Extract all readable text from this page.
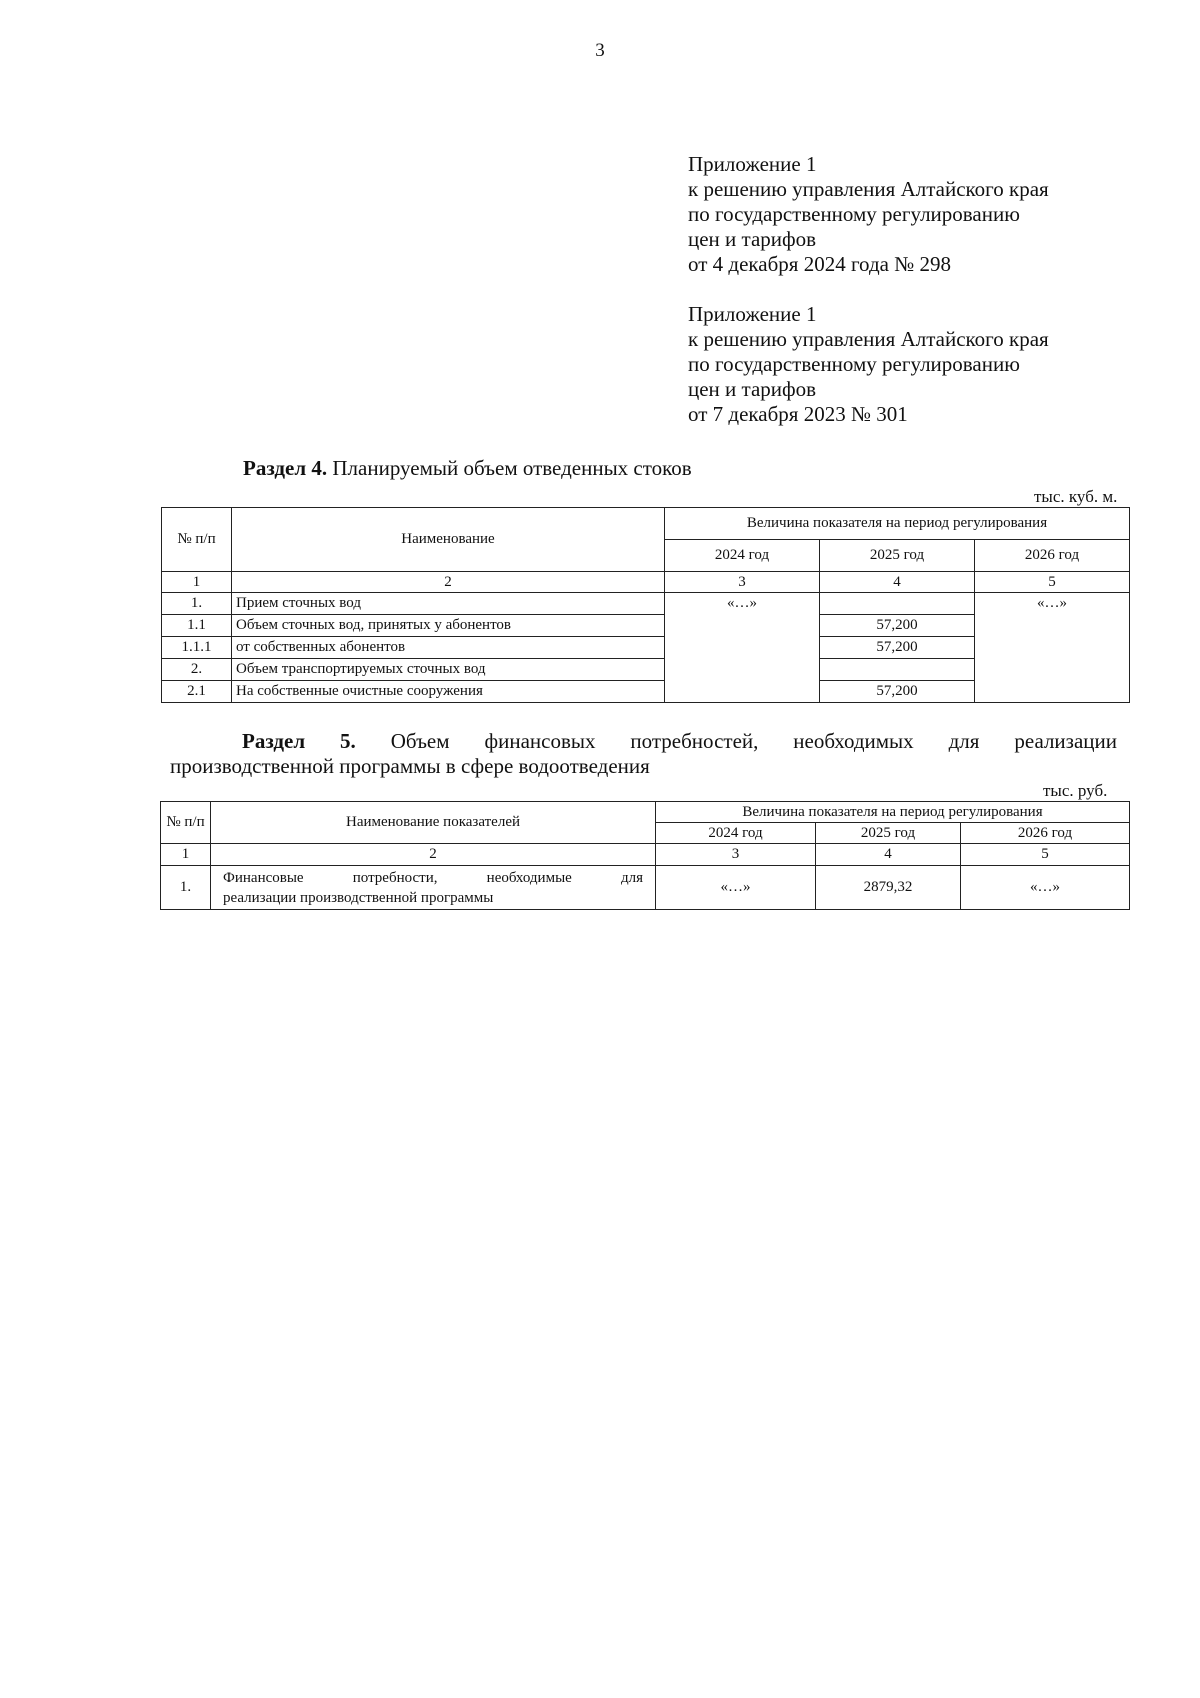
3
Приложение 1
к решению управления Алтайского края
по государственному регулированию
цен и тарифов
от 4 декабря 2024 года № 298
Приложение 1
к решению управления Алтайского края
по государственному регулированию
цен и тарифов
от 7 декабря 2023 № 301
Раздел 4. Планируемый объем отведенных стоков
тыс. куб. м.
№ п/п	Наименование	Величина показателя на период регулирования		
		2024 год	2025 год	2026 год
1	2	3	4	5
1.	Прием сточных вод	«…»		«…»
1.1	Объем сточных вод, принятых у абонентов		57,200	
1.1.1	от собственных абонентов		57,200	
2.	Объем транспортируемых сточных вод			
2.1	На собственные очистные сооружения		57,200	
Раздел 5. Объем финансовых потребностей, необходимых для реализации
производственной программы в сфере водоотведения
тыс. руб.
№ п/п	Наименование показателей	Величина показателя на период регулирования		
		2024 год	2025 год	2026 год
1	2	3	4	5
1.	Финансовые потребности, необходимые для
реализации производственной программы	«…»	2879,32	«…»
